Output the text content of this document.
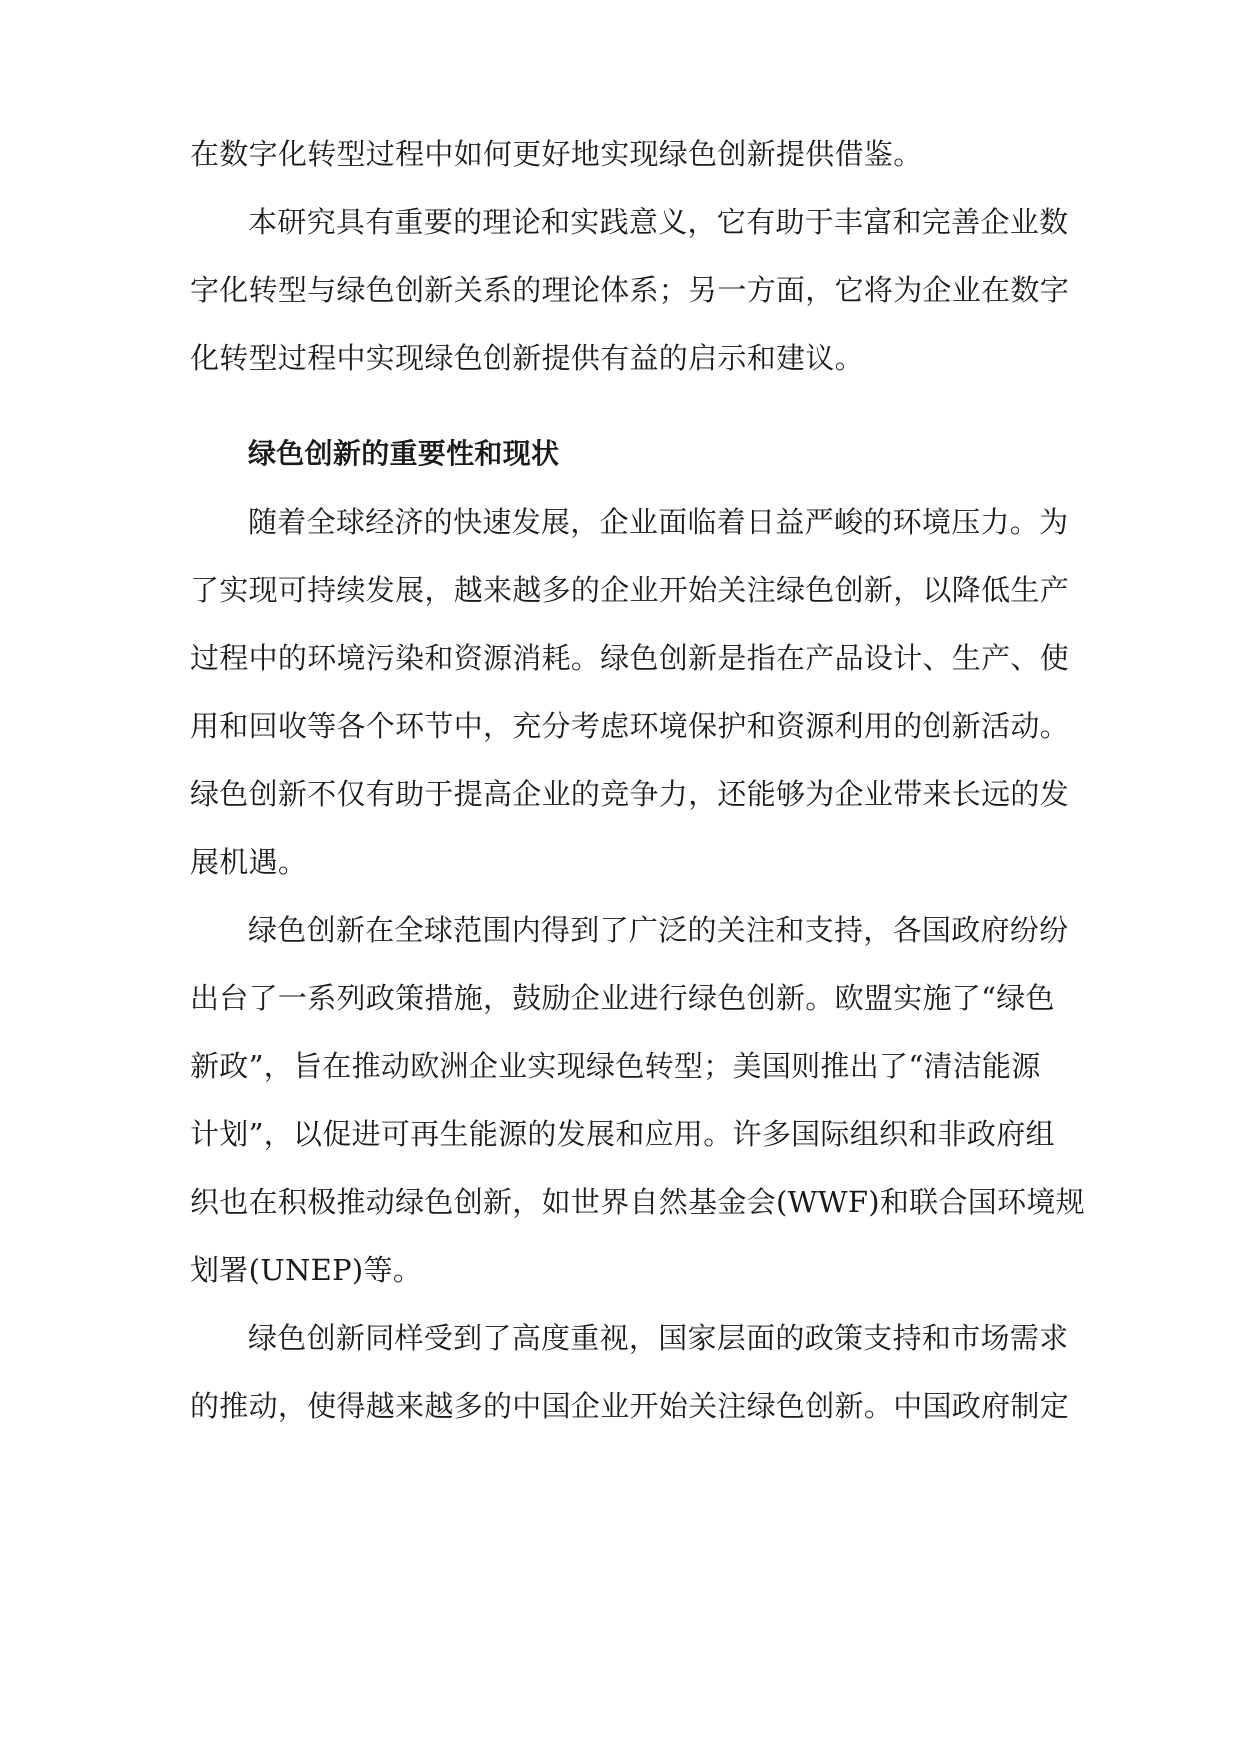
在数字化转型过程中如何更好地实现绿色创新提供借鉴。
本研究具有重要的理论和实践意义，它有助于丰富和完善企业数
字化转型与绿色创新关系的理论体系；另一方面，它将为企业在数字
化转型过程中实现绿色创新提供有益的启示和建议。
绿色创新的重要性和现状
随着全球经济的快速发展，企业面临着日益严峻的环境压力。为
了实现可持续发展，越来越多的企业开始关注绿色创新，以降低生产
过程中的环境污染和资源消耗。绿色创新是指在产品设计、生产、使
用和回收等各个环节中，充分考虑环境保护和资源利用的创新活动。
绿色创新不仅有助于提高企业的竞争力，还能够为企业带来长远的发
展机遇。
绿色创新在全球范围内得到了广泛的关注和支持，各国政府纷纷
出台了一系列政策措施，鼓励企业进行绿色创新。欧盟实施了“绿色
新政”，旨在推动欧洲企业实现绿色转型；美国则推出了“清洁能源
计划”，以促进可再生能源的发展和应用。许多国际组织和非政府组
织也在积极推动绿色创新，如世界自然基金会(WWF)和联合国环境规
划署(UNEP)等。
绿色创新同样受到了高度重视，国家层面的政策支持和市场需求
的推动，使得越来越多的中国企业开始关注绿色创新。中国政府制定
